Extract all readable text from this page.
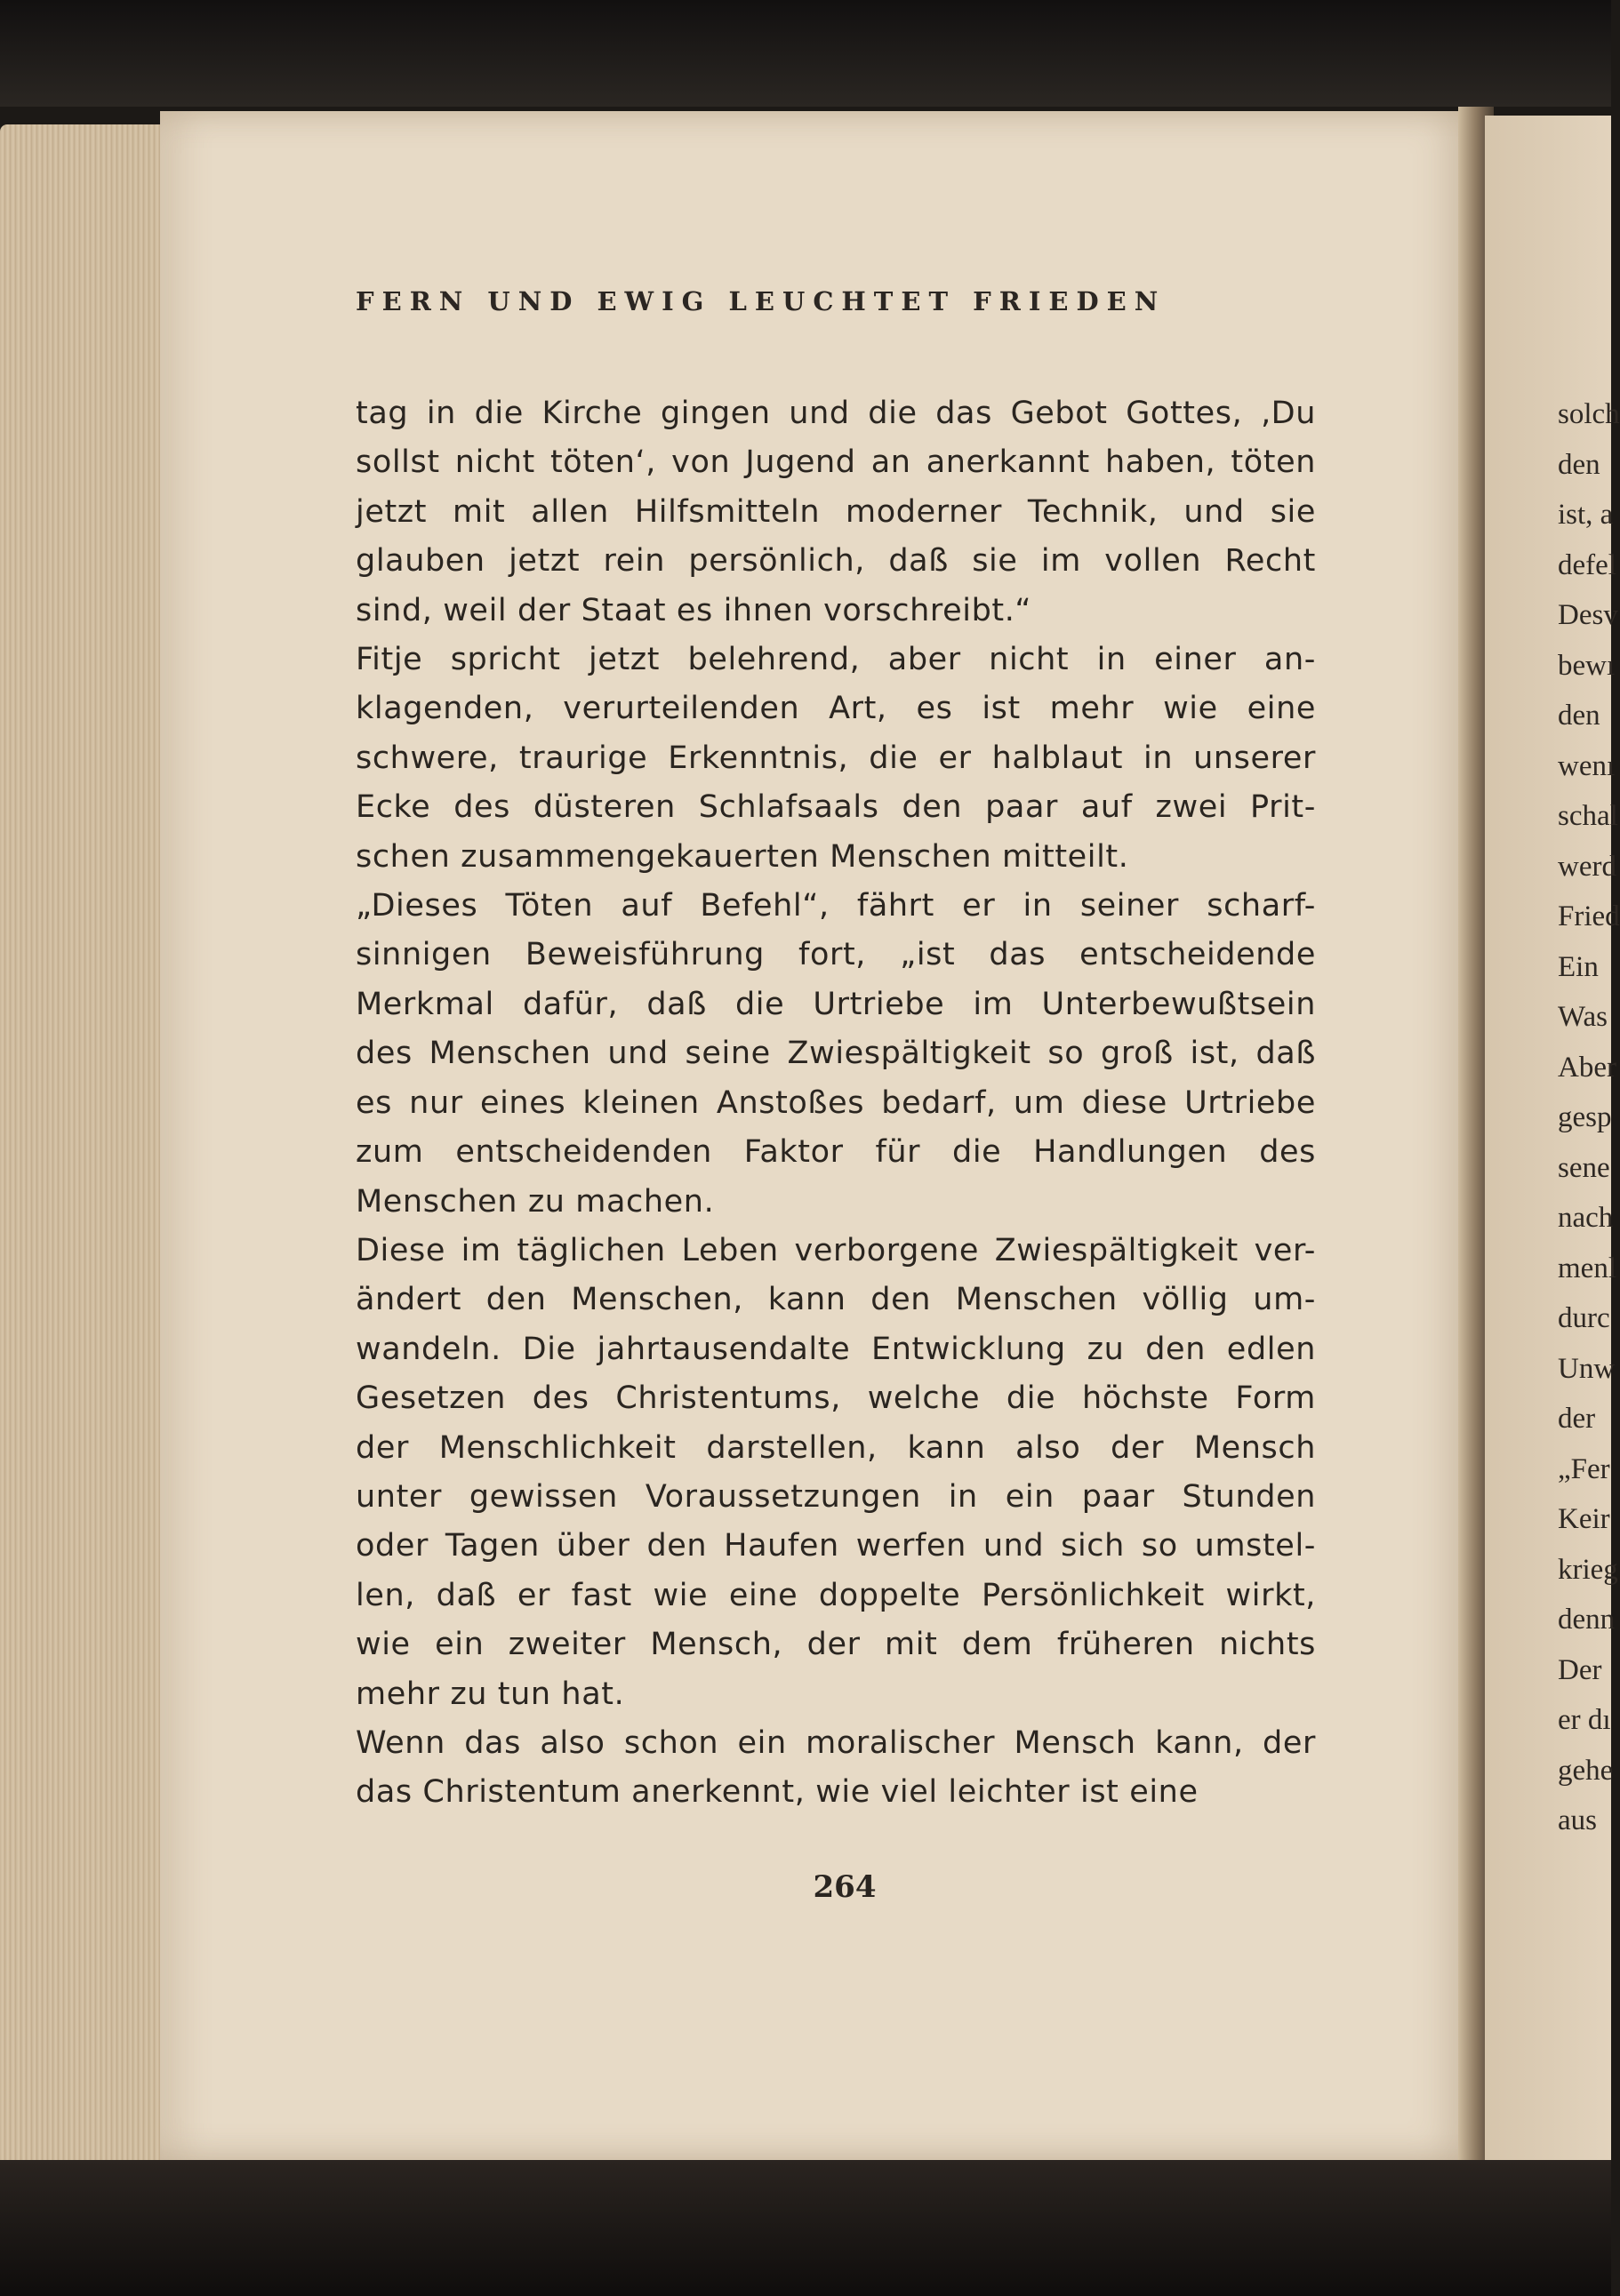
FERN UND EWIG LEUCHTET FRIEDEN
tag in die Kirche gingen und die das Gebot Gottes, ‚Du
sollst nicht töten‘, von Jugend an anerkannt haben, töten
jetzt mit allen Hilfsmitteln moderner Technik, und sie
glauben jetzt rein persönlich, daß sie im vollen Recht
sind, weil der Staat es ihnen vorschreibt.“
Fitje spricht jetzt belehrend, aber nicht in einer an-
klagenden, verurteilenden Art, es ist mehr wie eine
schwere, traurige Erkenntnis, die er halblaut in unserer
Ecke des düsteren Schlafsaals den paar auf zwei Prit-
schen zusammengekauerten Menschen mitteilt.
„Dieses Töten auf Befehl“, fährt er in seiner scharf-
sinnigen Beweisführung fort, „ist das entscheidende
Merkmal dafür, daß die Urtriebe im Unterbewußtsein
des Menschen und seine Zwiespältigkeit so groß ist, daß
es nur eines kleinen Anstoßes bedarf, um diese Urtriebe
zum entscheidenden Faktor für die Handlungen des
Menschen zu machen.
Diese im täglichen Leben verborgene Zwiespältigkeit ver-
ändert den Menschen, kann den Menschen völlig um-
wandeln. Die jahrtausendalte Entwicklung zu den edlen
Gesetzen des Christentums, welche die höchste Form
der Menschlichkeit darstellen, kann also der Mensch
unter gewissen Voraussetzungen in ein paar Stunden
oder Tagen über den Haufen werfen und sich so umstel-
len, daß er fast wie eine doppelte Persönlichkeit wirkt,
wie ein zweiter Mensch, der mit dem früheren nichts
mehr zu tun hat.
Wenn das also schon ein moralischer Mensch kann, der
das Christentum anerkennt, wie viel leichter ist eine
264
solch
den
ist, a
defel
Desv
bewı
den
wenı
schal
werd
Fried
Ein
Was
Aber
gesp
sene
nach
menl
durc
Unw
der
„Fer
Keir
krieg
denn
Der
er dı
gehe
aus
